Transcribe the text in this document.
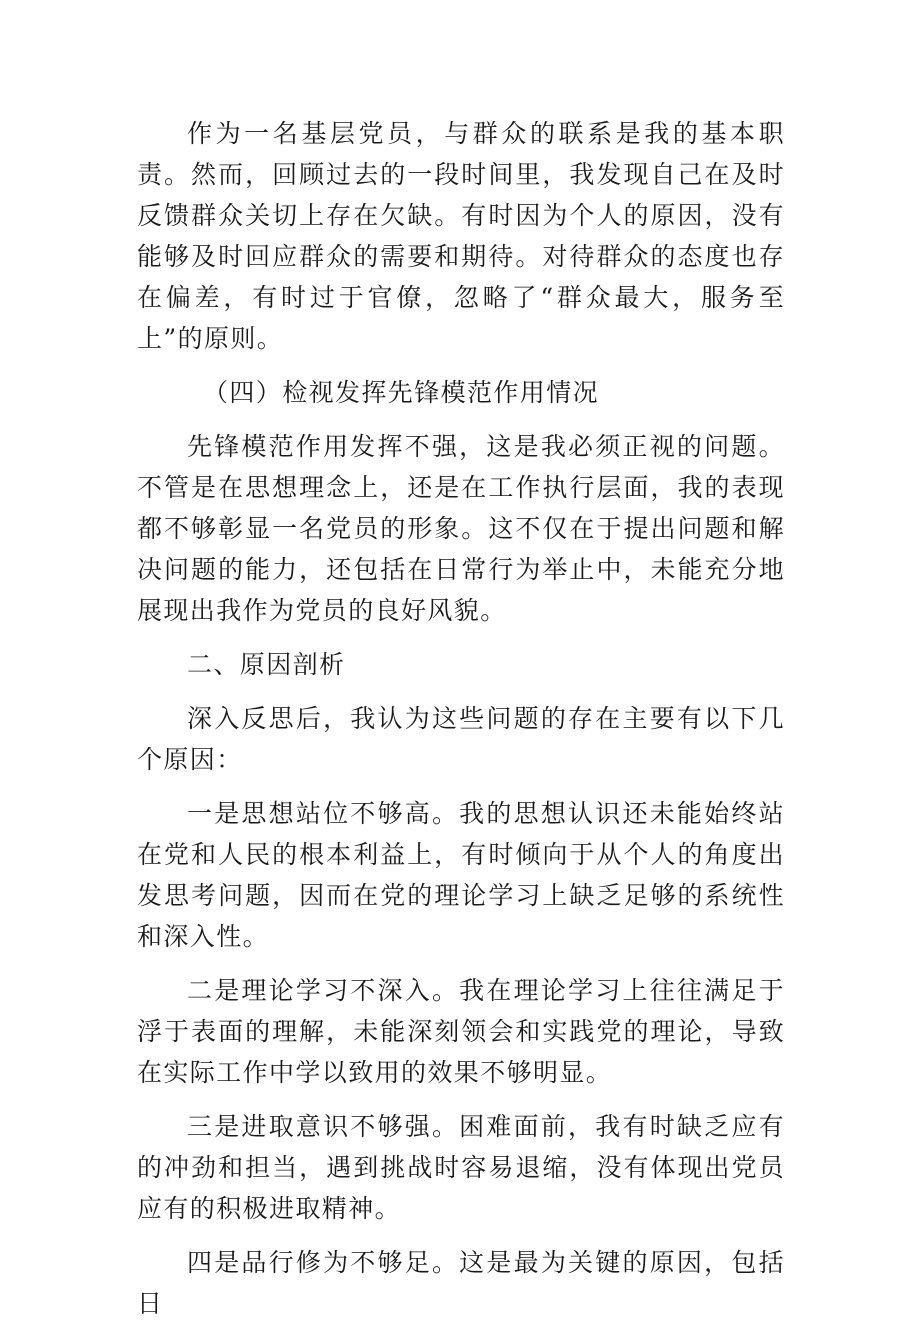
作为一名基层党员，与群众的联系是我的基本职责。然而，回顾过去的一段时间里，我发现自己在及时反馈群众关切上存在欠缺。有时因为个人的原因，没有能够及时回应群众的需要和期待。对待群众的态度也存在偏差，有时过于官僚，忽略了“群众最大，服务至上”的原则。

（四）检视发挥先锋模范作用情况

先锋模范作用发挥不强，这是我必须正视的问题。不管是在思想理念上，还是在工作执行层面，我的表现都不够彰显一名党员的形象。这不仅在于提出问题和解决问题的能力，还包括在日常行为举止中，未能充分地展现出我作为党员的良好风貌。

二、原因剖析

深入反思后，我认为这些问题的存在主要有以下几个原因：

一是思想站位不够高。我的思想认识还未能始终站在党和人民的根本利益上，有时倾向于从个人的角度出发思考问题，因而在党的理论学习上缺乏足够的系统性和深入性。

二是理论学习不深入。我在理论学习上往往满足于浮于表面的理解，未能深刻领会和实践党的理论，导致在实际工作中学以致用的效果不够明显。

三是进取意识不够强。困难面前，我有时缺乏应有的冲劲和担当，遇到挑战时容易退缩，没有体现出党员应有的积极进取精神。

四是品行修为不够足。这是最为关键的原因，包括日
